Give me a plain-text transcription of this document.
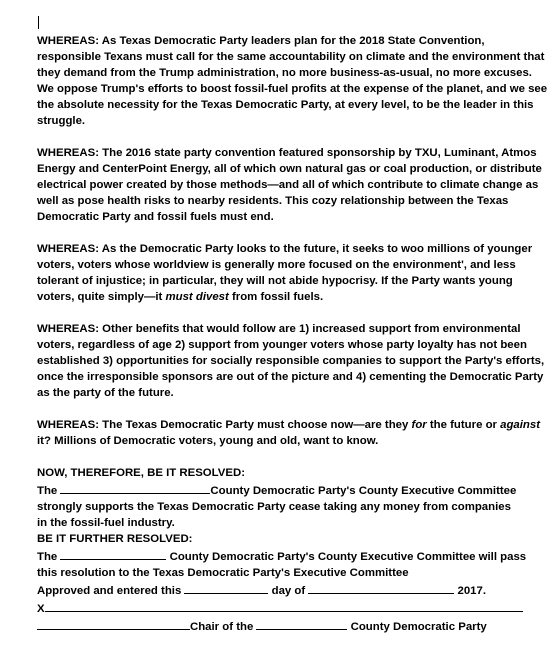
WHEREAS: As Texas Democratic Party leaders plan for the 2018 State Convention, responsible Texans must call for the same accountability on climate and the environment that they demand from the Trump administration, no more business-as-usual, no more excuses. We oppose Trump's efforts to boost fossil-fuel profits at the expense of the planet, and we see the absolute necessity for the Texas Democratic Party, at every level, to be the leader in this struggle.

WHEREAS: The 2016 state party convention featured sponsorship by TXU, Luminant, Atmos Energy and CenterPoint Energy, all of which own natural gas or coal production, or distribute electrical power created by those methods—and all of which contribute to climate change as well as pose health risks to nearby residents. This cozy relationship between the Texas Democratic Party and fossil fuels must end.

WHEREAS: As the Democratic Party looks to the future, it seeks to woo millions of younger voters, voters whose worldview is generally more focused on the environment', and less tolerant of injustice; in particular, they will not abide hypocrisy. If the Party wants young voters, quite simply—it must divest from fossil fuels.

WHEREAS: Other benefits that would follow are 1) increased support from environmental voters, regardless of age 2) support from younger voters whose party loyalty has not been established 3) opportunities for socially responsible companies to support the Party's efforts, once the irresponsible sponsors are out of the picture and 4) cementing the Democratic Party as the party of the future.

WHEREAS: The Texas Democratic Party must choose now—are they for the future or against it? Millions of Democratic voters, young and old, want to know.

NOW, THEREFORE, BE IT RESOLVED:

The	County Democratic Party's County Executive Committee

strongly supports the Texas Democratic Party cease taking any money from companies

in the fossil-fuel industry.

BE IT FURTHER RESOLVED:

The	County Democratic Party's County Executive Committee will pass

this resolution to the Texas Democratic Party's Executive Committee

Approved and entered this	day of	2017.

X

Chair of the	County Democratic Party
